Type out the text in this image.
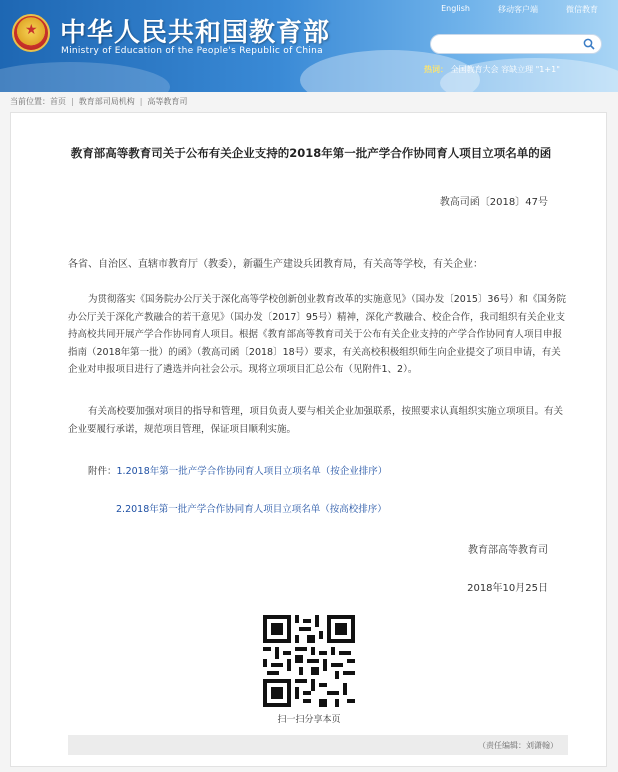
★ 中华人民共和国教育部
Ministry of Education of the People's Republic of China
English	移动客户端	微信教育
热词： 全国教育大会 容缺立理 "1+1"
当前位置： 首页 | 教育部司局机构 | 高等教育司
教育部高等教育司关于公布有关企业支持的2018年第一批产学合作协同育人项目立项名单的函
教高司函〔2018〕47号
各省、自治区、直辖市教育厅（教委），新疆生产建设兵团教育局，有关高等学校，有关企业：
为贯彻落实《国务院办公厅关于深化高等学校创新创业教育改革的实施意见》（国办发〔2015〕36号）和《国务院办公厅关于深化产教融合的若干意见》（国办发〔2017〕95号）精神，深化产教融合、校企合作，我司组织有关企业支持高校共同开展产学合作协同育人项目。根据《教育部高等教育司关于公布有关企业支持的产学合作协同育人项目申报指南（2018年第一批）的函》（教高司函〔2018〕18号）要求，有关高校积极组织师生向企业提交了项目申请，有关企业对申报项目进行了遴选并向社会公示。现将立项项目汇总公布（见附件1、2）。
有关高校要加强对项目的指导和管理，项目负责人要与相关企业加强联系，按照要求认真组织实施立项项目。有关企业要履行承诺，规范项目管理，保证项目顺利实施。
附件：1.2018年第一批产学合作协同育人项目立项名单（按企业排序）
2.2018年第一批产学合作协同育人项目立项名单（按高校排序）
教育部高等教育司
2018年10月25日
扫一扫分享本页
（责任编辑：刘潇翰）
